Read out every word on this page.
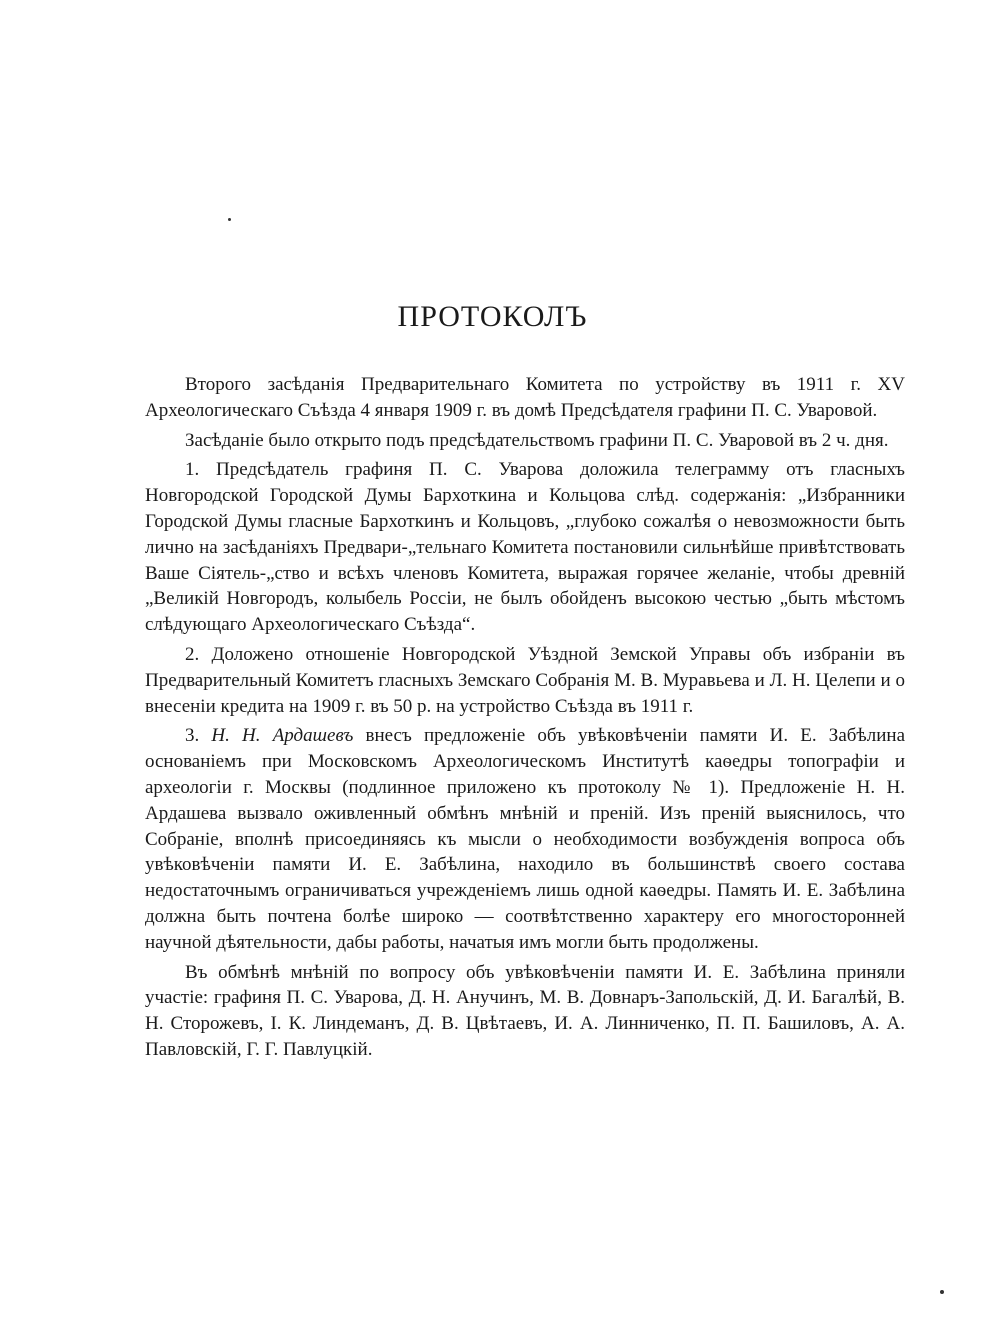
ПРОТОКОЛЪ

Второго засѣданія Предварительнаго Комитета по устройству въ 1911 г. XV Археологическаго Съѣзда 4 января 1909 г. въ домѣ Предсѣдателя графини П. С. Уваровой.

Засѣданіе было открыто подъ предсѣдательствомъ графини П. С. Уваровой въ 2 ч. дня.

1. Предсѣдатель графиня П. С. Уварова доложила телеграмму отъ гласныхъ Новгородской Городской Думы Бархоткина и Кольцова слѣд. содержанія: „Избранники Городской Думы гласные Бархоткинъ и Кольцовъ, „глубоко сожалѣя о невозможности быть лично на засѣданіяхъ Предвари-„тельнаго Комитета постановили сильнѣйше привѣтствовать Ваше Сіятель-„ство и всѣхъ членовъ Комитета, выражая горячее желаніе, чтобы древній „Великій Новгородъ, колыбель Россіи, не былъ обойденъ высокою честью „быть мѣстомъ слѣдующаго Археологическаго Съѣзда“.

2. Доложено отношеніе Новгородской Уѣздной Земской Управы объ избраніи въ Предварительный Комитетъ гласныхъ Земскаго Собранія М. В. Муравьева и Л. Н. Целепи и о внесеніи кредита на 1909 г. въ 50 р. на устройство Съѣзда въ 1911 г.

3. Н. Н. Ардашевъ внесъ предложеніе объ увѣковѣченіи памяти И. Е. Забѣлина основаніемъ при Московскомъ Археологическомъ Институтѣ каѳедры топографіи и археологіи г. Москвы (подлинное приложено къ протоколу № 1). Предложеніе Н. Н. Ардашева вызвало оживленный обмѣнъ мнѣній и преній. Изъ преній выяснилось, что Собраніе, вполнѣ присоединяясь къ мысли о необходимости возбужденія вопроса объ увѣковѣченіи памяти И. Е. Забѣлина, находило въ большинствѣ своего состава недостаточнымъ ограничиваться учрежденіемъ лишь одной каѳедры. Память И. Е. Забѣлина должна быть почтена болѣе широко — соотвѣтственно характеру его многосторонней научной дѣятельности, дабы работы, начатыя имъ могли быть продолжены.

Въ обмѣнѣ мнѣній по вопросу объ увѣковѣченіи памяти И. Е. Забѣлина приняли участіе: графиня П. С. Уварова, Д. Н. Анучинъ, М. В. Довнаръ-Запольскій, Д. И. Багалѣй, В. Н. Сторожевъ, І. К. Линдеманъ, Д. В. Цвѣтаевъ, И. А. Линниченко, П. П. Башиловъ, А. А. Павловскій, Г. Г. Павлуцкій.
